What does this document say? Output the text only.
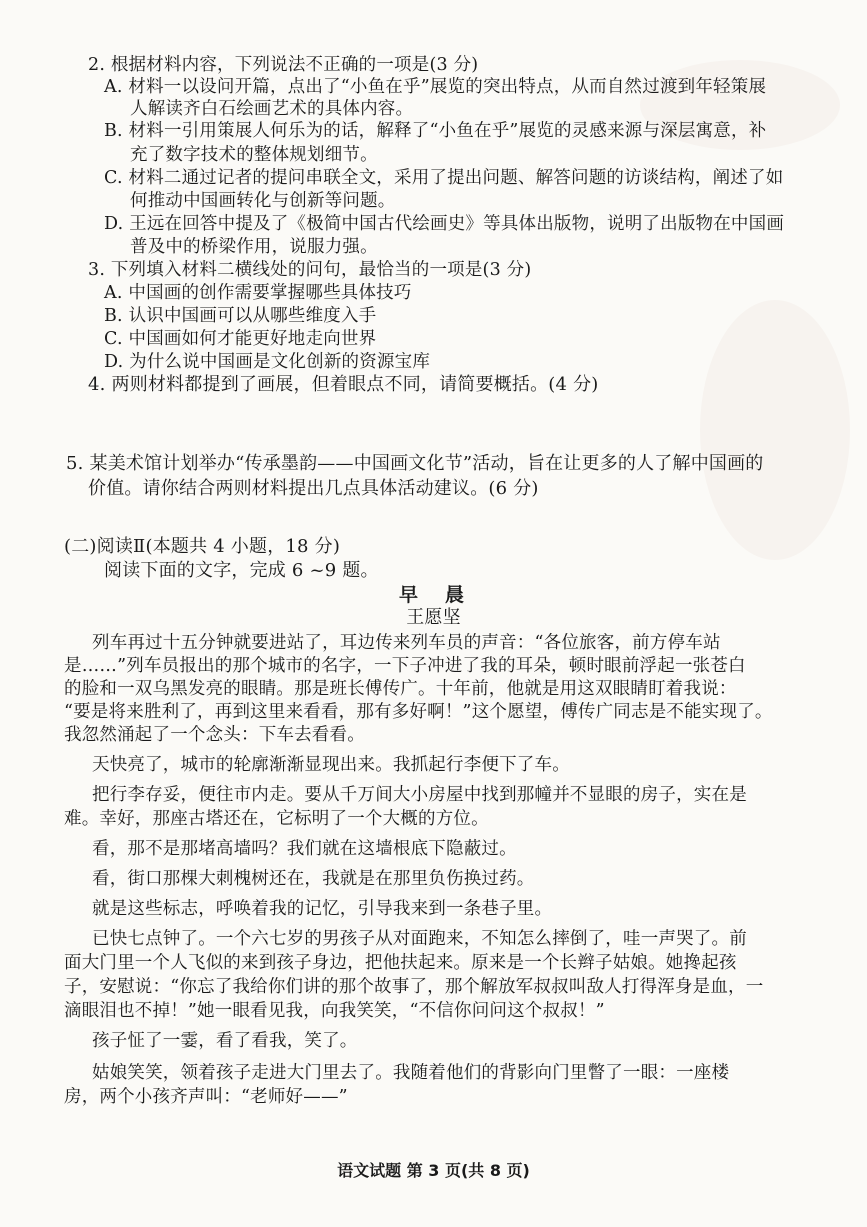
2. 根据材料内容，下列说法不正确的一项是(3 分)
A. 材料一以设问开篇，点出了“小鱼在乎”展览的突出特点，从而自然过渡到年轻策展
人解读齐白石绘画艺术的具体内容。
B. 材料一引用策展人何乐为的话，解释了“小鱼在乎”展览的灵感来源与深层寓意，补
充了数字技术的整体规划细节。
C. 材料二通过记者的提问串联全文，采用了提出问题、解答问题的访谈结构，阐述了如
何推动中国画转化与创新等问题。
D. 王远在回答中提及了《极简中国古代绘画史》等具体出版物，说明了出版物在中国画
普及中的桥梁作用，说服力强。
3. 下列填入材料二横线处的问句，最恰当的一项是(3 分)
A. 中国画的创作需要掌握哪些具体技巧
B. 认识中国画可以从哪些维度入手
C. 中国画如何才能更好地走向世界
D. 为什么说中国画是文化创新的资源宝库
4. 两则材料都提到了画展，但着眼点不同，请简要概括。(4 分)
5. 某美术馆计划举办“传承墨韵——中国画文化节”活动，旨在让更多的人了解中国画的
价值。请你结合两则材料提出几点具体活动建议。(6 分)
(二)阅读Ⅱ(本题共 4 小题，18 分)
阅读下面的文字，完成 6 ~9 题。
早　晨
王愿坚
列车再过十五分钟就要进站了，耳边传来列车员的声音：“各位旅客，前方停车站
是……”列车员报出的那个城市的名字，一下子冲进了我的耳朵，顿时眼前浮起一张苍白
的脸和一双乌黑发亮的眼睛。那是班长傅传广。十年前，他就是用这双眼睛盯着我说：
“要是将来胜利了，再到这里来看看，那有多好啊！”这个愿望，傅传广同志是不能实现了。
我忽然涌起了一个念头：下车去看看。
天快亮了，城市的轮廓渐渐显现出来。我抓起行李便下了车。
把行李存妥，便往市内走。要从千万间大小房屋中找到那幢并不显眼的房子，实在是
难。幸好，那座古塔还在，它标明了一个大概的方位。
看，那不是那堵高墙吗？我们就在这墙根底下隐蔽过。
看，街口那棵大刺槐树还在，我就是在那里负伤换过药。
就是这些标志，呼唤着我的记忆，引导我来到一条巷子里。
已快七点钟了。一个六七岁的男孩子从对面跑来，不知怎么摔倒了，哇一声哭了。前
面大门里一个人飞似的来到孩子身边，把他扶起来。原来是一个长辫子姑娘。她搀起孩
子，安慰说：“你忘了我给你们讲的那个故事了，那个解放军叔叔叫敌人打得浑身是血，一
滴眼泪也不掉！”她一眼看见我，向我笑笑，“不信你问问这个叔叔！”
孩子怔了一霎，看了看我，笑了。
姑娘笑笑，领着孩子走进大门里去了。我随着他们的背影向门里瞥了一眼：一座楼
房，两个小孩齐声叫：“老师好——”
语文试题 第 3 页(共 8 页)
